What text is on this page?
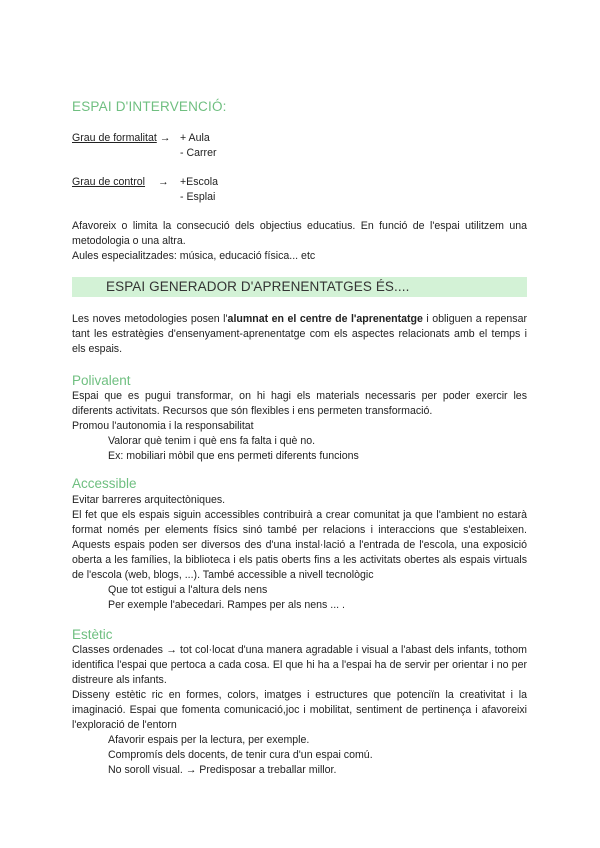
ESPAI D'INTERVENCIÓ:
Grau de formalitat → + Aula

- Carrer
Grau de control → +Escola

- Esplai

Afavoreix o limita la consecució dels objectius educatius. En funció de l'espai utilitzem una metodologia o una altra.

Aules especialitzades: música, educació física... etc

ESPAI GENERADOR D'APRENENTATGES ÉS....

Les noves metodologies posen l'alumnat en el centre de l'aprenentatge i obliguen a repensar tant les estratègies d'ensenyament-aprenentatge com els aspectes relacionats amb el temps i els espais.

Polivalent

Espai que es pugui transformar, on hi hagi els materials necessaris per poder exercir les diferents activitats. Recursos que són flexibles i ens permeten transformació.

Promou l'autonomia i la responsabilitat

Valorar què tenim i què ens fa falta i què no.

Ex: mobiliari mòbil que ens permeti diferents funcions

Accessible

Evitar barreres arquitectòniques.

El fet que els espais siguin accessibles contribuirà a crear comunitat ja que l'ambient no estarà format només per elements físics sinó també per relacions i interaccions que s'estableixen. Aquests espais poden ser diversos des d'una instal·lació a l'entrada de l'escola, una exposició oberta a les famílies, la biblioteca i els patis oberts fins a les activitats obertes als espais virtuals de l'escola (web, blogs, ...). També accessible a nivell tecnològic

Que tot estigui a l'altura dels nens

Per exemple l'abecedari. Rampes per als nens ... .

Estètic

Classes ordenades → tot col·locat d'una manera agradable i visual a l'abast dels infants, tothom identifica l'espai que pertoca a cada cosa. El que hi ha a l'espai ha de servir per orientar i no per distreure als infants.

Disseny estètic ric en formes, colors, imatges i estructures que potenciïn la creativitat i la imaginació. Espai que fomenta comunicació,joc i mobilitat, sentiment de pertinença i afavoreixi l'exploració de l'entorn

Afavorir espais per la lectura, per exemple.

Compromís dels docents, de tenir cura d'un espai comú.

No soroll visual. → Predisposar a treballar millor.
